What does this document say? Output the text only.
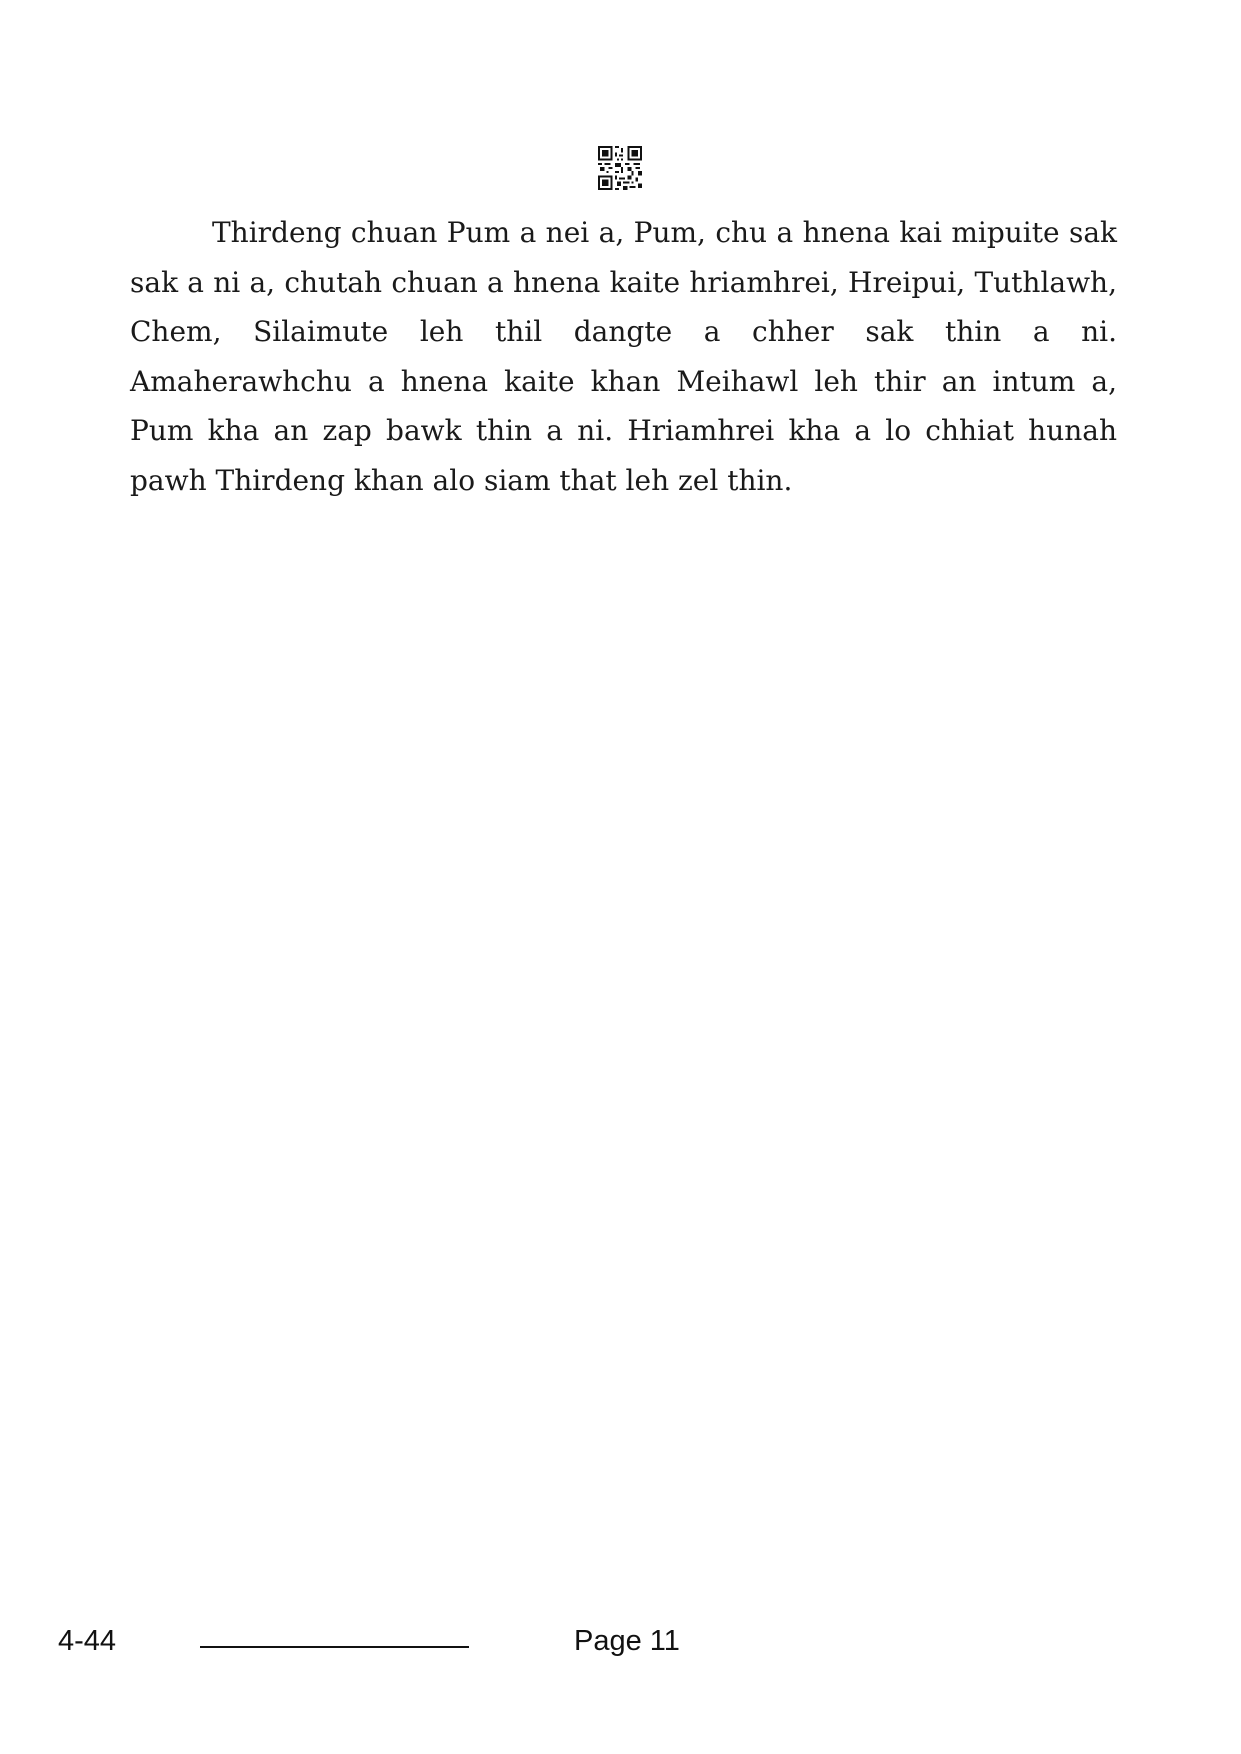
Thirdeng chuan Pum a nei a, Pum, chu a hnena kai mipuite sak sak a ni a, chutah chuan a hnena kaite hriamhrei, Hreipui, Tuthlawh, Chem, Silaimute leh thil dangte a chher sak thin a ni. Amaherawhchu a hnena kaite khan Meihawl leh thir an intum a, Pum kha an zap bawk thin a ni. Hriamhrei kha a lo chhiat hunah pawh Thirdeng khan alo siam that leh zel thin.

4-44	Page 11
